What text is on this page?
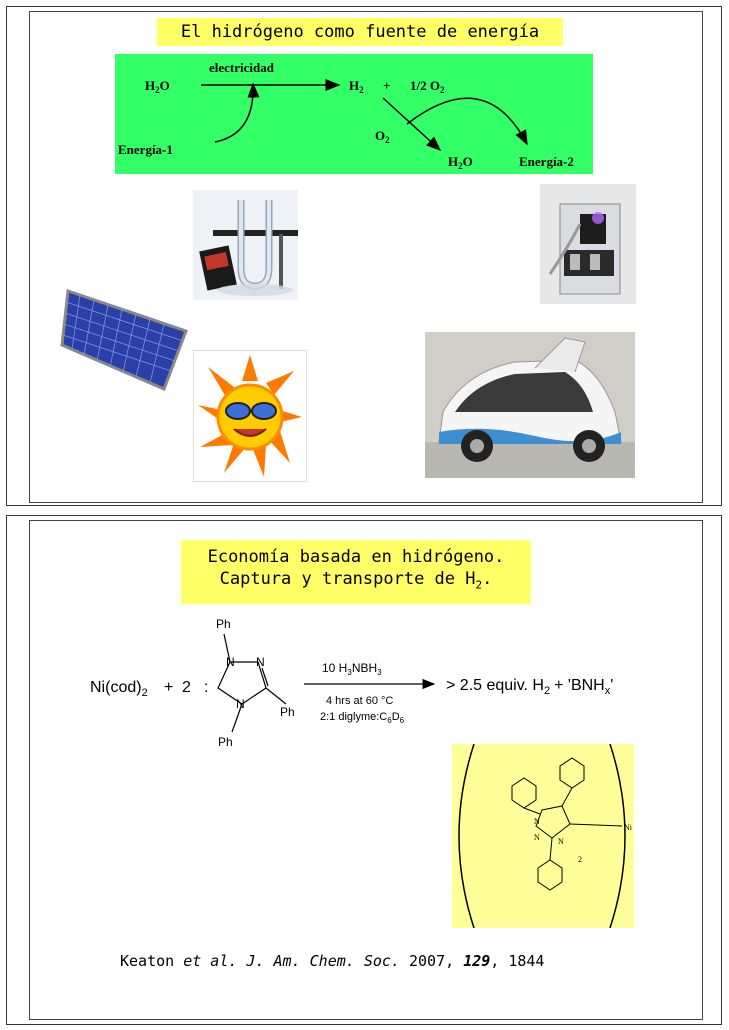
El hidrógeno como fuente de energía
$H_2O$
electricidad
$H_2 + 1/2$ $O_2$
Energía-1
$O_2$
$H_2O$	Energía-2
Economía basada en hidrógeno.
Captura y transporte de $H_2$.
$Ni(cod)_2 + 2$ :
Ph
N N
N
Ph
Ph
10 $H_3NBH_3$
4 hrs at 60 °C
2:1 $diglyme:C_6D_6$
> 2.5 equiv. $H_2$ + '$BNH_x$'
N
N N
Ni
2
Keaton et al. J. Am. Chem. Soc. 2007, 129, 1844
